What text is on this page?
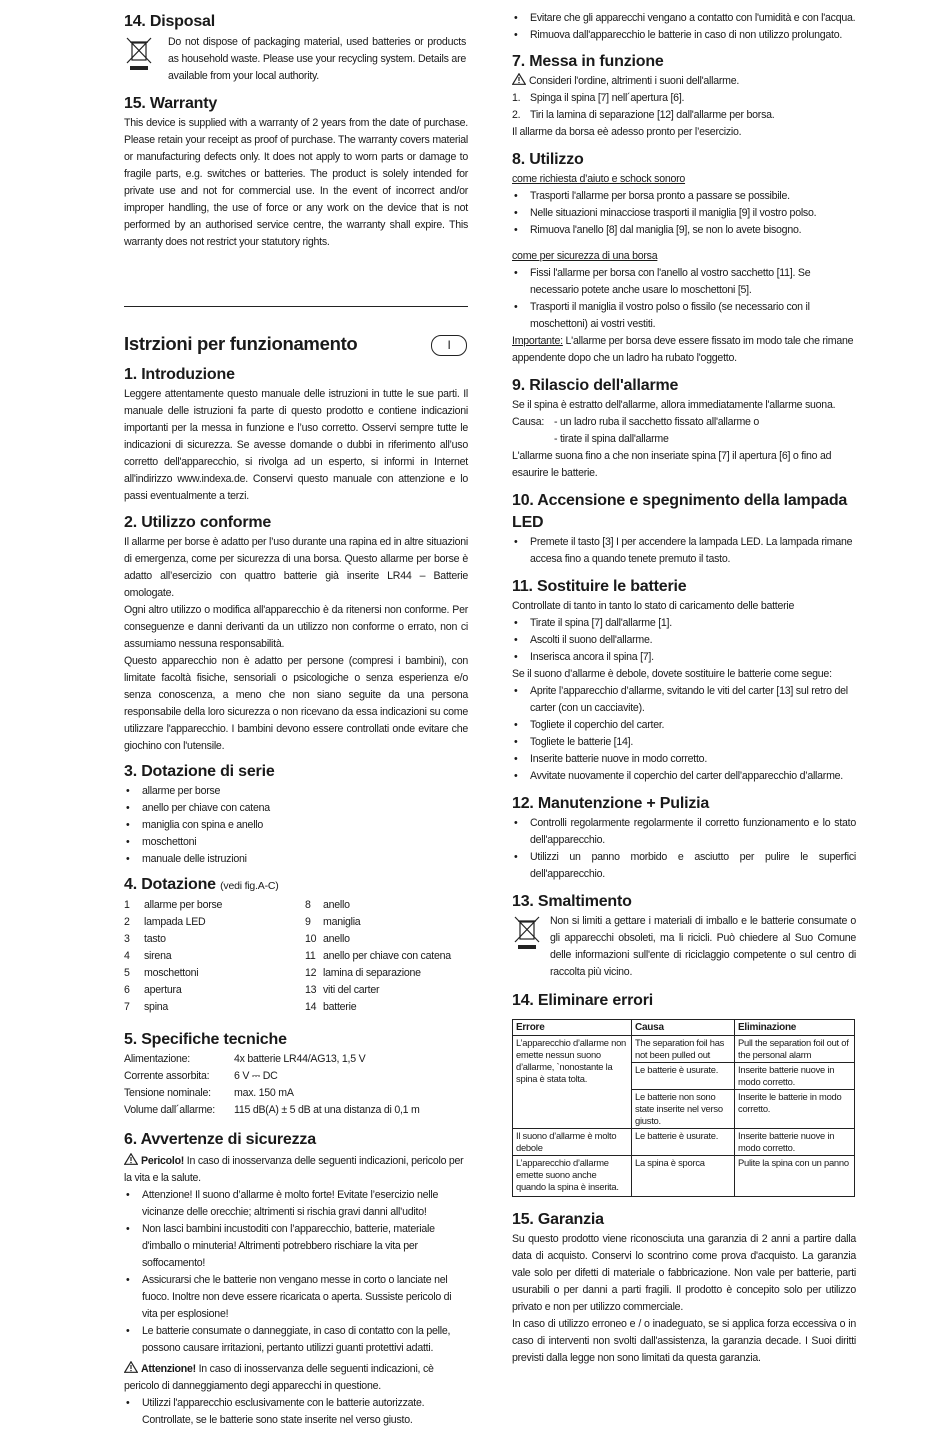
14. Disposal

Do not dispose of packaging material, used batteries or products as household waste. Please use your recycling system. Details are available from your local authority.

15. Warranty

This device is supplied with a warranty of 2 years from the date of purchase. Please retain your receipt as proof of purchase. The warranty covers material or manufacturing defects only. It does not apply to worn parts or damage to fragile parts, e.g. switches or batteries. The product is solely intended for private use and not for commercial use. In the event of incorrect and/or improper handling, the use of force or any work on the device that is not performed by an authorised service centre, the warranty shall expire. This warranty does not restrict your statutory rights.

Istrzioni per funzionamento	I
1. Introduzione

Leggere attentamente questo manuale delle istruzioni in tutte le sue parti. Il manuale delle istruzioni fa parte di questo prodotto e contiene indicazioni importanti per la messa in funzione e l’uso corretto. Osservi sempre tutte le indicazioni di sicurezza. Se avesse domande o dubbi in riferimento all’uso corretto dell'apparecchio, si rivolga ad un esperto, si informi in Internet all'indirizzo www.indexa.de. Conservi questo manuale con attenzione e lo passi eventualmente a terzi.

2. Utilizzo conforme

Il allarme per borse è adatto per l’uso durante una rapina ed in altre situazioni di emergenza, come per sicurezza di una borsa. Questo allarme per borse è adatto all’esercizio con quattro batterie già inserite LR44 – Batterie omologate.

Ogni altro utilizzo o modifica all'apparecchio è da ritenersi non conforme. Per conseguenze e danni derivanti da un utilizzo non conforme o errato, non ci assumiamo nessuna responsabilità.

Questo apparecchio non è adatto per persone (compresi i bambini), con limitate facoltà fisiche, sensoriali o psicologiche o senza esperienza e/o senza conoscenza, a meno che non siano seguite da una persona responsabile della loro sicurezza o non ricevano da essa indicazioni su come utilizzare l'apparecchio. I bambini devono essere controllati onde evitare che giochino con l'utensile.

3. Dotazione di serie
• allarme per borse
• anello per chiave con catena
• maniglia con spina e anello
• moschettoni
• manuale delle istruzioni
4. Dotazione (vedi fig.A-C)
1 allarme per borse
2 lampada LED
3 tasto
4 sirena
5 moschettoni
6 apertura
7 spina
8 anello
9 maniglia
10 anello
11 anello per chiave con catena
12 lamina di separazione
13 viti del carter
14 batterie
5. Specifiche tecniche
Alimentazione:	4x batterie LR44/AG13, 1,5 V
Corrente assorbita:	6 V ⎓ DC
Tensione nominale:	max. 150 mA
Volume dall´allarme:	115 dB(A) ± 5 dB at una distanza di 0,1 m
6. Avvertenze di sicurezza

Pericolo! In caso di inosservanza delle seguenti indicazioni, pericolo per la vita e la salute.

• Attenzione! Il suono d’allarme è molto forte! Evitate l’esercizio nelle vicinanze delle orecchie; altrimenti si rischia gravi danni all’udito!
• Non lasci bambini incustoditi con l’apparecchio, batterie, materiale d'imballo o minuteria! Altrimenti potrebbero rischiare la vita per soffocamento!
• Assicurarsi che le batterie non vengano messe in corto o lanciate nel fuoco. Inoltre non deve essere ricaricata o aperta. Sussiste pericolo di vita per esplosione!
• Le batterie consumate o danneggiate, in caso di contatto con la pelle, possono causare irritazioni, pertanto utilizzi guanti protettivi adatti.

Attenzione! In caso di inosservanza delle seguenti indicazioni, cè pericolo di danneggiamento degi apparecchi in questione.

• Utilizzi l'apparecchio esclusivamente con le batterie autorizzate. Controllate, se le batterie sono state inserite nel verso giusto.
• Evitare che gli apparecchi vengano a contatto con l'umidità e con l'acqua.
• Rimuova dall'apparecchio le batterie in caso di non utilizzo prolungato.
7. Messa in funzione

Consideri l'ordine, altrimenti i suoni dell'allarme.

1. Spinga il spina [7] nell´apertura [6].
2. Tiri la lamina di separazione [12] dall'allarme per borsa.

Il allarme da borsa eè adesso pronto per l’esercizio.

8. Utilizzo

come richiesta d’aiuto e schock sonoro

• Trasporti l'allarme per borsa pronto a passare se possibile.
• Nelle situazioni minacciose trasporti il maniglia [9] il vostro polso.
• Rimuova l'anello [8] dal maniglia [9], se non lo avete bisogno.

come per sicurezza di una borsa

• Fissi l'allarme per borsa con l'anello al vostro sacchetto [11]. Se necessario potete anche usare lo moschettoni [5].
• Trasporti il maniglia il vostro polso o fissilo (se necessario con il moschettoni) ai vostri vestiti.

Importante: L'allarme per borsa deve essere fissato im modo tale che rimane appendente dopo che un ladro ha rubato l'oggetto.

9. Rilascio dell'allarme

Se il spina è estratto dell'allarme, allora immediatamente l'allarme suona.

Causa: - un ladro ruba il sacchetto fissato all'allarme o
- tirate il spina dall'allarme

L'allarme suona fino a che non inseriate spina [7] il apertura [6] o fino ad esaurire le batterie.

10. Accensione e spegnimento della lampada LED
• Premete il tasto [3] I per accendere la lampada LED. La lampada rimane accesa fino a quando tenete premuto il tasto.
11. Sostituire le batterie

Controllate di tanto in tanto lo stato di caricamento delle batterie

• Tirate il spina [7] dall'allarme [1].
• Ascolti il suono dell'allarme.
• Inserisca ancora il spina [7].

Se il suono d’allarme è debole, dovete sostituire le batterie come segue:

• Aprite l’apparecchio d’allarme, svitando le viti del carter [13] sul retro del carter (con un cacciavite).
• Togliete il coperchio del carter.
• Togliete le batterie [14].
• Inserite batterie nuove in modo corretto.
• Avvitate nuovamente il coperchio del carter dell’apparecchio d’allarme.
12. Manutenzione + Pulizia
• Controlli regolarmente regolarmente il corretto funzionamento e lo stato dell'apparecchio.
• Utilizzi un panno morbido e asciutto per pulire le superfici dell'apparecchio.
13. Smaltimento

Non si limiti a gettare i materiali di imballo e le batterie consumate o gli apparecchi obsoleti, ma li ricicli. Può chiedere al Suo Comune delle informazioni sull'ente di riciclaggio competente o sul centro di raccolta più vicino.

14. Eliminare errori
Errore	Causa	Eliminazione
L’apparecchio d’allarme non emette nessun suono d’allarme, `nonostante la spina è stata tolta.	The separation foil has not been pulled out	Pull the separation foil out of the personal alarm
	Le batterie è usurate.	Inserite batterie nuove in modo corretto.
	Le batterie non sono state inserite nel verso giusto.	Inserite le batterie in modo corretto.
Il suono d’allarme è molto debole	Le batterie è usurate.	Inserite batterie nuove in modo corretto.
L’apparecchio d’allarme emette suono anche quando la spina è inserita.	La spina è sporca	Pulite la spina con un panno
15. Garanzia

Su questo prodotto viene riconosciuta una garanzia di 2 anni a partire dalla data di acquisto. Conservi lo scontrino come prova d'acquisto. La garanzia vale solo per difetti di materiale o fabbricazione. Non vale per batterie, parti usurabili o per danni a parti fragili. Il prodotto è concepito solo per utilizzo privato e non per utilizzo commerciale.

In caso di utilizzo erroneo e / o inadeguato, se si applica forza eccessiva o in caso di interventi non svolti dall'assistenza, la garanzia decade. I Suoi diritti previsti dalla legge non sono limitati da questa garanzia.
